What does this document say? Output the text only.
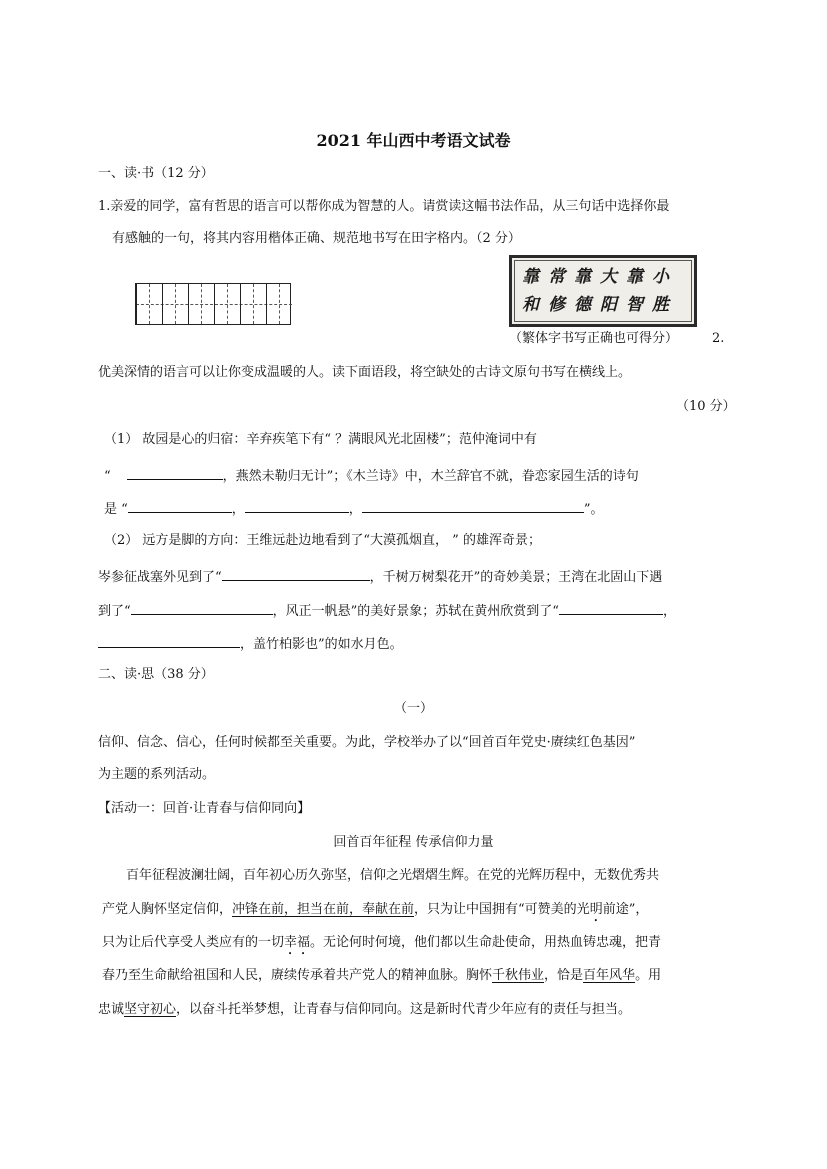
2021 年山西中考语文试卷
一、读·书（12 分）
1.亲爱的同学，富有哲思的语言可以帮你成为智慧的人。请赏读这幅书法作品，从三句话中选择你最
有感触的一句，将其内容用楷体正确、规范地书写在田字格内。（2 分）
靠常靠大靠小
和修德阳智胜
（繁体字书写正确也可得分）	2.
优美深情的语言可以让你变成温暖的人。读下面语段，将空缺处的古诗文原句书写在横线上。
（10 分）
（1） 故园是心的归宿：辛弃疾笔下有“ ？满眼风光北固楼”；范仲淹词中有
“	，燕然未勒归无计”；《木兰诗》中，木兰辞官不就，眷恋家园生活的诗句
是 “	，	，	”。
（2） 远方是脚的方向：王维远赴边地看到了“大漠孤烟直， ” 的雄浑奇景；
岑参征战塞外见到了“	，千树万树梨花开”的奇妙美景；王湾在北固山下遇
到了“	，风正一帆悬”的美好景象；苏轼在黄州欣赏到了“	，
，盖竹柏影也”的如水月色。
二、读·思（38 分）
（一）
信仰、信念、信心，任何时候都至关重要。为此，学校举办了以“回首百年党史·赓续红色基因”
为主题的系列活动。
【活动一：回首·让青春与信仰同向】
回首百年征程 传承信仰力量
百年征程波澜壮阔，百年初心历久弥坚，信仰之光熠熠生辉。在党的光辉历程中，无数优秀共
产党人胸怀坚定信仰，冲锋在前，担当在前，奉献在前，只为让中国拥有“可赞美的光明前途”，
只为让后代享受人类应有的一切幸福。无论何时何境，他们都以生命赴使命，用热血铸忠魂，把青
春乃至生命献给祖国和人民，赓续传承着共产党人的精神血脉。胸怀千秋伟业，恰是百年风华。用
忠诚坚守初心，以奋斗托举梦想，让青春与信仰同向。这是新时代青少年应有的责任与担当。
